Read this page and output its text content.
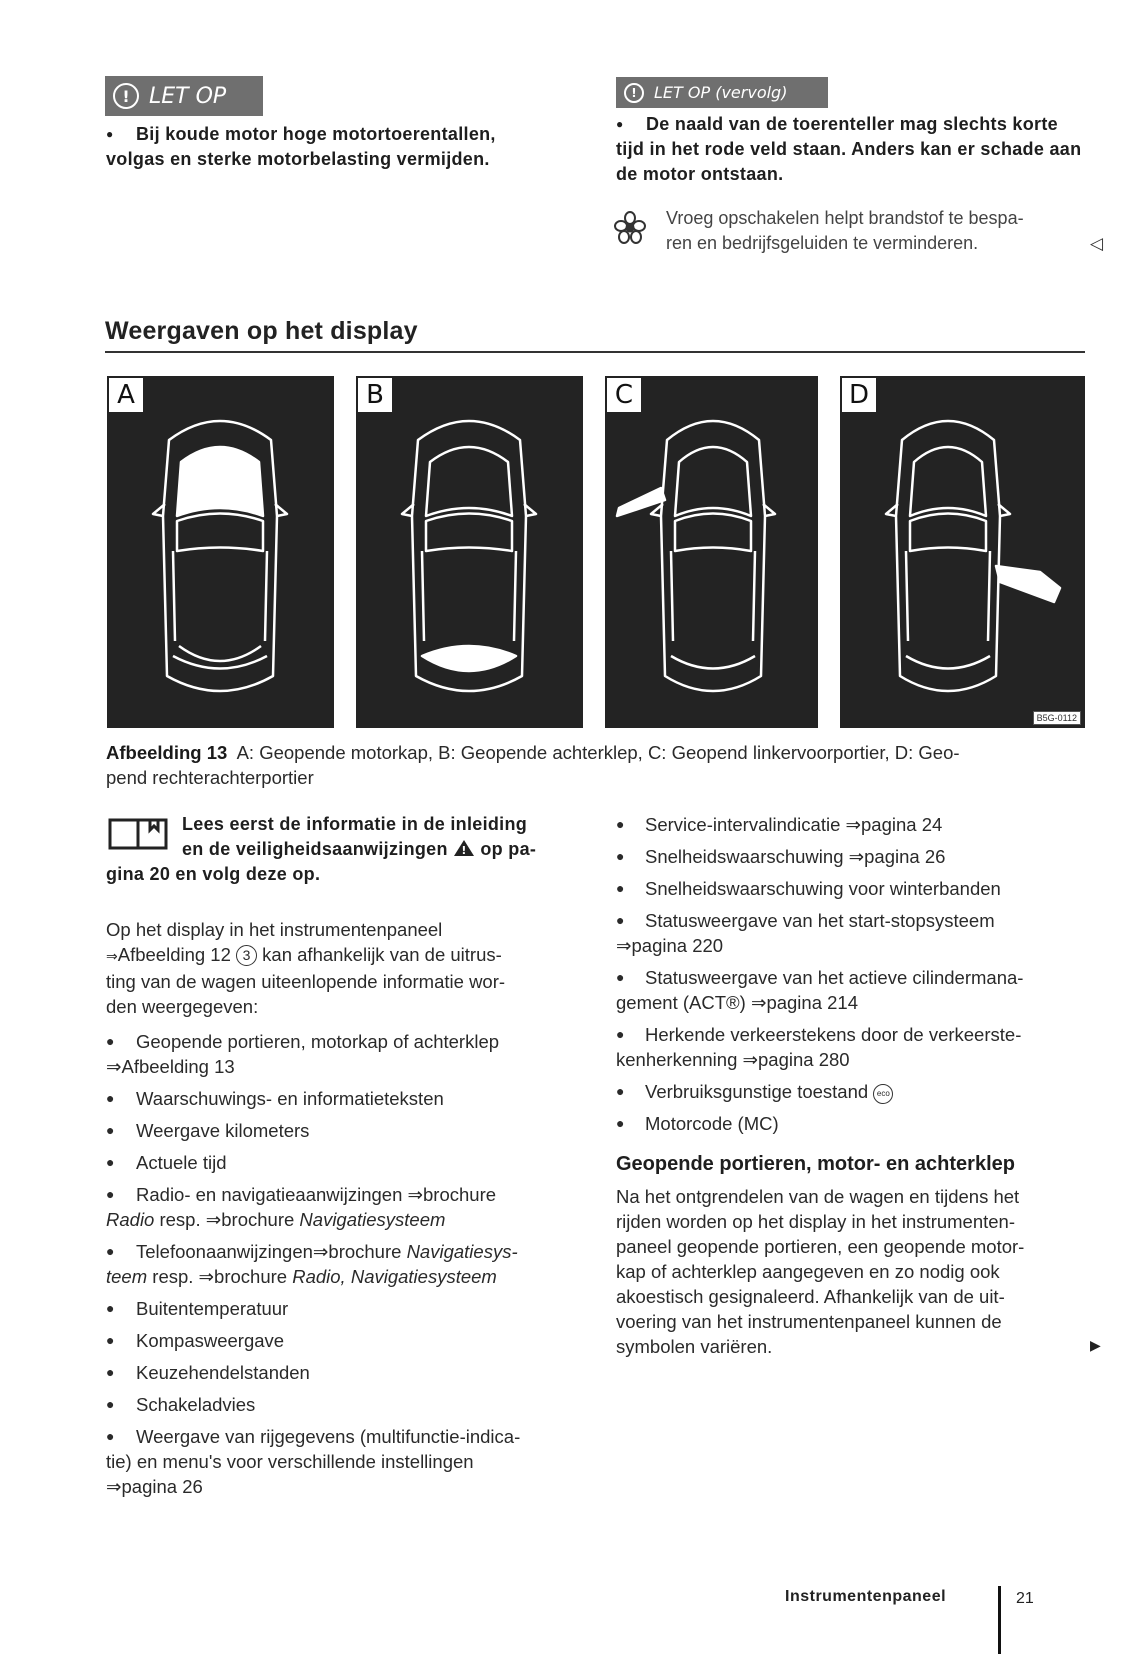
! LET OP
● Bij koude motor hoge motortoerentallen, volgas en sterke motorbelasting vermijden.
!	LET OP (vervolg)
● De naald van de toerenteller mag slechts korte tijd in het rode veld staan. Anders kan er schade aan de motor ontstaan.
Vroeg opschakelen helpt brandstof te bespa-
ren en bedrijfsgeluiden te verminderen.	◁
Weergaven op het display
A	B	C	D
B5G-0112
Afbeelding 13 A: Geopende motorkap, B: Geopende achterklep, C: Geopend linkervoorportier, D: Geo-
pend rechterachterportier
Lees eerst de informatie in de inleiding
en de veiligheidsaanwijzingen ! op pa-
gina 20 en volg deze op.
Op het display in het instrumentenpaneel
⇒Afbeelding 12 3 kan afhankelijk van de uitrus-
ting van de wagen uiteenlopende informatie wor-
den weergegeven:
● Geopende portieren, motorkap of achterklep
⇒Afbeelding 13
● Waarschuwings- en informatieteksten
● Weergave kilometers
● Actuele tijd
● Radio- en navigatieaanwijzingen ⇒brochure
Radio resp. ⇒brochure Navigatiesysteem
● Telefoonaanwijzingen⇒brochure Navigatiesys-
teem resp. ⇒brochure Radio, Navigatiesysteem
● Buitentemperatuur
● Kompasweergave
● Keuzehendelstanden
● Schakeladvies
● Weergave van rijgegevens (multifunctie-indica-
tie) en menu's voor verschillende instellingen
⇒pagina 26
● Service-intervalindicatie ⇒pagina 24
● Snelheidswaarschuwing ⇒pagina 26
● Snelheidswaarschuwing voor winterbanden
● Statusweergave van het start-stopsysteem
⇒pagina 220
● Statusweergave van het actieve cilindermana-
gement (ACT®) ⇒pagina 214
● Herkende verkeerstekens door de verkeerste-
kenherkenning ⇒pagina 280
● Verbruiksgunstige toestand eco
● Motorcode (MC)
Geopende portieren, motor- en achterklep
Na het ontgrendelen van de wagen en tijdens het
rijden worden op het display in het instrumenten-
paneel geopende portieren, een geopende motor-
kap of achterklep aangegeven en zo nodig ook
akoestisch gesignaleerd. Afhankelijk van de uit-
voering van het instrumentenpaneel kunnen de
symbolen variëren.	▶
Instrumentenpaneel	21
